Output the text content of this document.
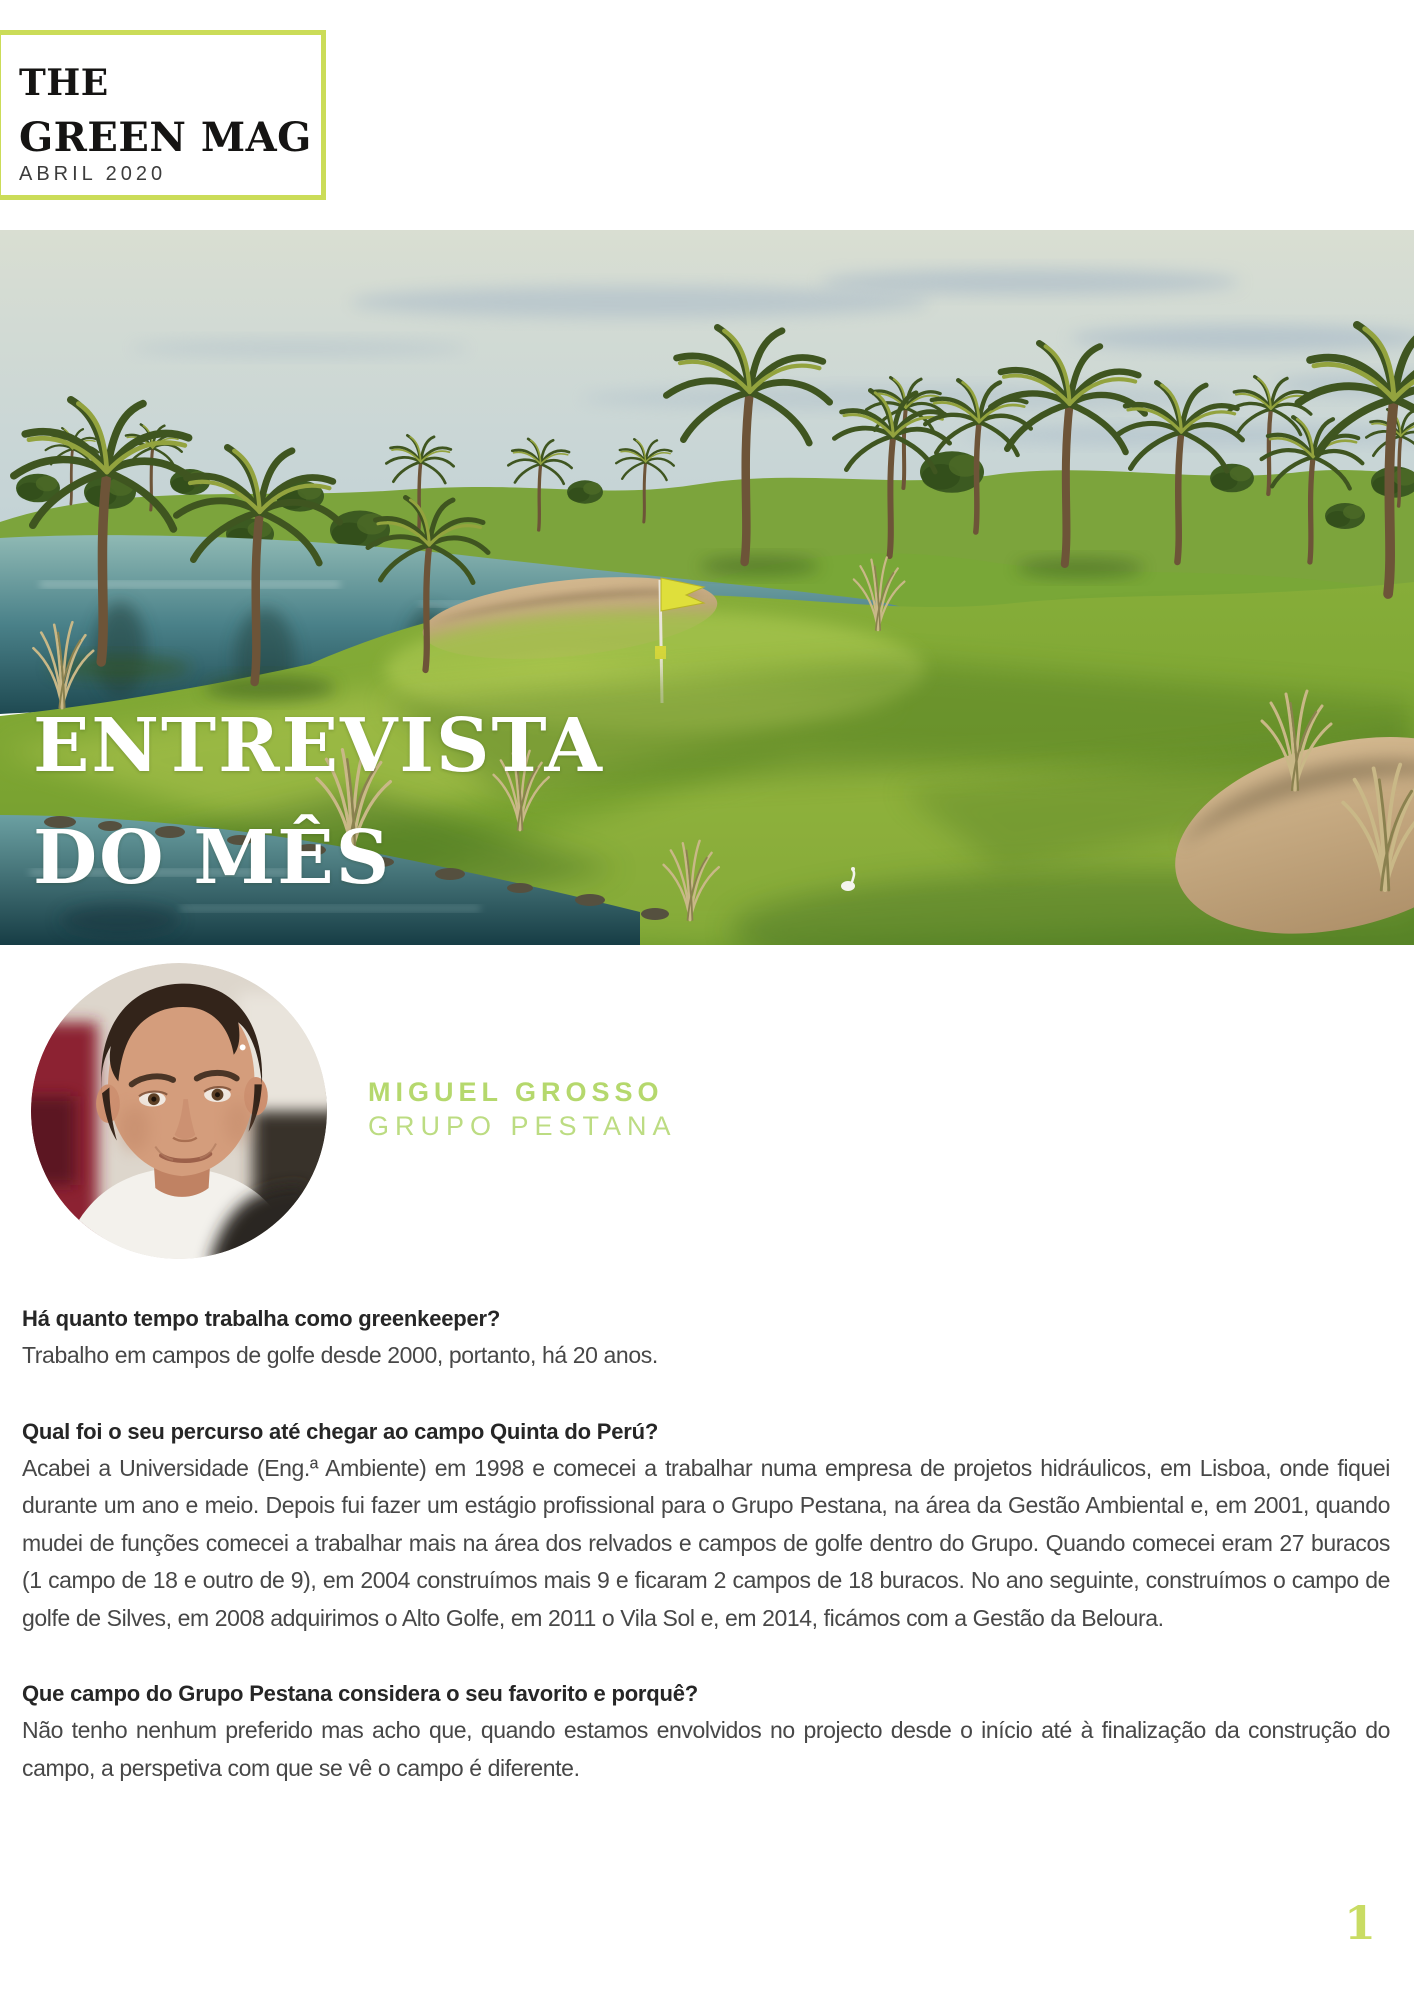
THE
GREEN MAG
ABRIL 2020
ENTREVISTA
DO MÊS
MIGUEL GROSSO
GRUPO PESTANA
Há quanto tempo trabalha como greenkeeper?
Trabalho em campos de golfe desde 2000, portanto, há 20 anos.
Qual foi o seu percurso até chegar ao campo Quinta do Perú?
Acabei a Universidade (Eng.ª Ambiente) em 1998 e comecei a trabalhar numa empresa de projetos hidráulicos, em Lisboa, onde fiquei durante um ano e meio. Depois fui fazer um estágio profissional para o Grupo Pestana, na área da Gestão Ambiental e, em 2001, quando mudei de funções comecei a trabalhar mais na área dos relvados e campos de golfe dentro do Grupo. Quando comecei eram 27 buracos (1 campo de 18 e outro de 9), em 2004 construímos mais 9 e ficaram 2 campos de 18 buracos. No ano seguinte, construímos o campo de golfe de Silves, em 2008 adquirimos o Alto Golfe, em 2011 o Vila Sol e, em 2014, ficámos com a Gestão da Beloura.
Que campo do Grupo Pestana considera o seu favorito e porquê?
Não tenho nenhum preferido mas acho que, quando estamos envolvidos no projecto desde o início até à finalização da construção do campo, a perspetiva com que se vê o campo é diferente.
1
